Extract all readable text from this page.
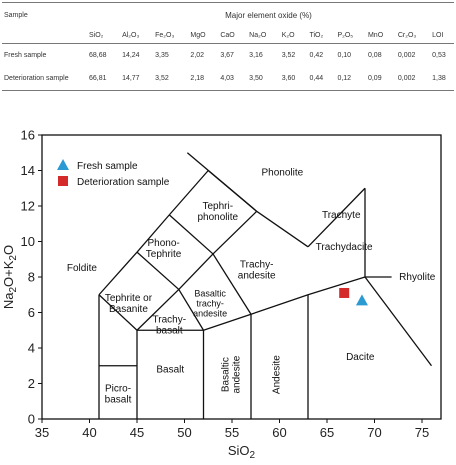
Sample	Major element oxide (%)											
	SiO₂	Al₂O₃	Fe₂O₃	MgO	CaO	Na₂O	K₂O	TiO₂	P₂O₅	MnO	Cr₂O₃	LOI
Fresh sample	68,68	14,24	3,35	2,02	3,67	3,16	3,52	0,42	0,10	0,08	0,002	0,53
Deterioration sample	66,81	14,77	3,52	2,18	4,03	3,50	3,60	0,44	0,12	0,09	0,002	1,38
Phonolite
Tephri-phonolite	Trachyte
Trachydacite
Phono-Tephrite
Foldite	Trachy-andesite	Rhyolite
Tephrite or Basanite
Basaltic trachy-andesite
Trachy-basalt
Dacite
Basalt
Picro-basalt
Basalticandesite	Andesite
35	40	45	50	55	60	65	70	75
0
2
4
6
8
10
12
14
16
SiO$_2$
$Na_2O+K_2O$
Fresh sample
Deterioration sample
